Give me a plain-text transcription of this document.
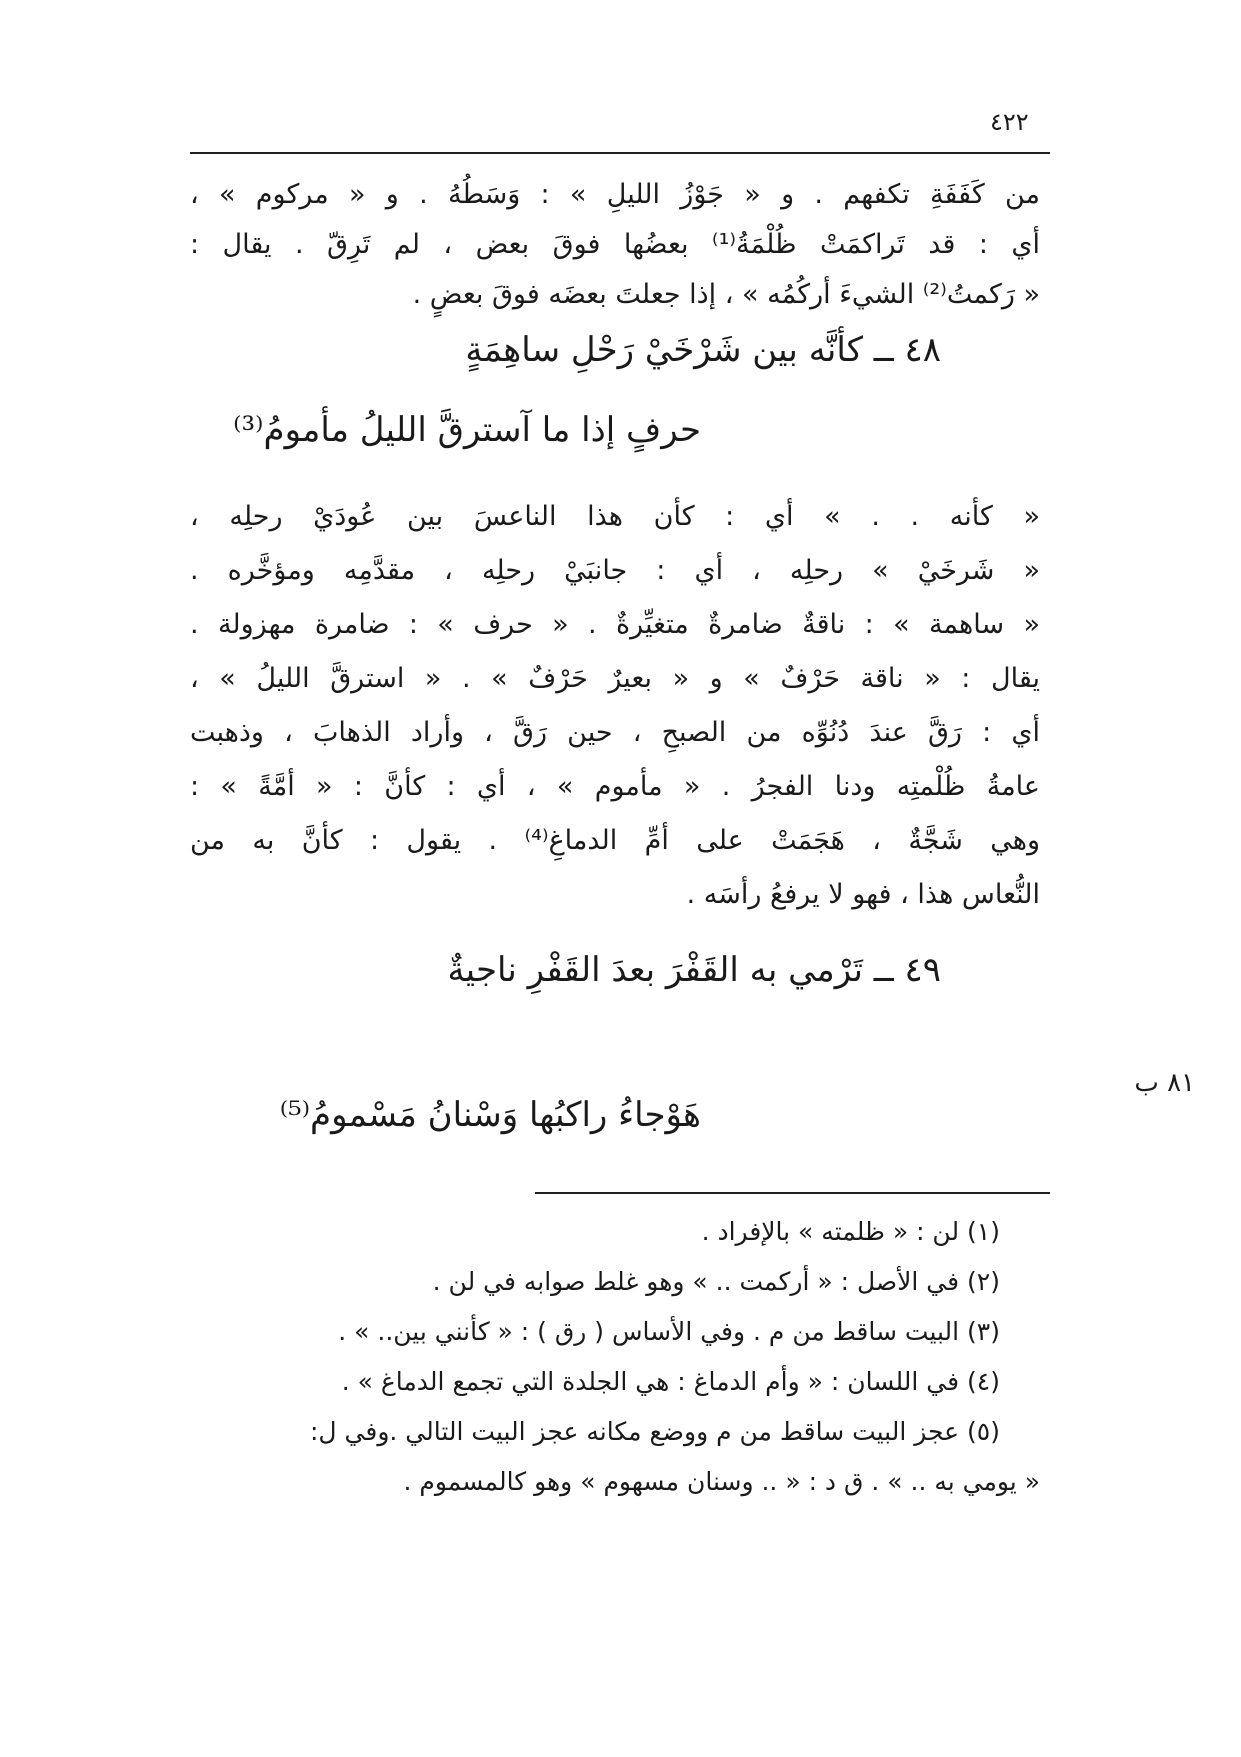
٤٢٢
من كَفَفَةِ تكفهم . و « جَوْزُ الليلِ » : وَسَطُهُ . و « مركوم » ،
أي : قد تَراكمَتْ ظُلْمَةُ⁽¹⁾ بعضُها فوقَ بعض ، لم تَرِقّ . يقال :
« رَكمتُ⁽²⁾ الشيءَ أركُمُه » ، إذا جعلتَ بعضَه فوقَ بعضٍ .
٤٨ ــ كأنَّه بين شَرْخَيْ رَحْلِ ساهِمَةٍ
حرفٍ إذا ما آسترقَّ الليلُ مأمومُ⁽³⁾
« كأنه . . » أي : كأن هذا الناعسَ بين عُودَيْ رحلِه ،
« شَرخَيْ » رحلِه ، أي : جانبَيْ رحلِه ، مقدَّمِه ومؤخَّره .
« ساهمة » : ناقةٌ ضامرةٌ متغيِّرةٌ . « حرف » : ضامرة مهزولة .
يقال : « ناقة حَرْفٌ » و « بعيرٌ حَرْفٌ » . « استرقَّ الليلُ » ،
أي : رَقَّ عندَ دُنُوِّه من الصبحِ ، حين رَقَّ ، وأراد الذهابَ ، وذهبت
عامةُ ظُلْمتِه ودنا الفجرُ . « مأموم » ، أي : كأنَّ : « أمَّةً » :
وهي شَجَّةٌ ، هَجَمَتْ على أمِّ الدماغِ⁽⁴⁾ . يقول : كأنَّ به من
النُّعاس هذا ، فهو لا يرفعُ رأسَه .
٤٩ ــ تَرْمي به القَفْرَ بعدَ القَفْرِ ناجيةٌ
٨١ ب
هَوْجاءُ راكبُها وَسْنانُ مَسْمومُ⁽⁵⁾
(١) لن : « ظلمته » بالإفراد .
(٢) في الأصل : « أركمت .. » وهو غلط صوابه في لن .
(٣) البيت ساقط من م . وفي الأساس ( رق ) : « كأنني بين.. » .
(٤) في اللسان : « وأم الدماغ : هي الجلدة التي تجمع الدماغ » .
(٥) عجز البيت ساقط من م ووضع مكانه عجز البيت التالي .وفي ل:
« يومي به .. » . ق د : « .. وسنان مسهوم » وهو كالمسموم .
